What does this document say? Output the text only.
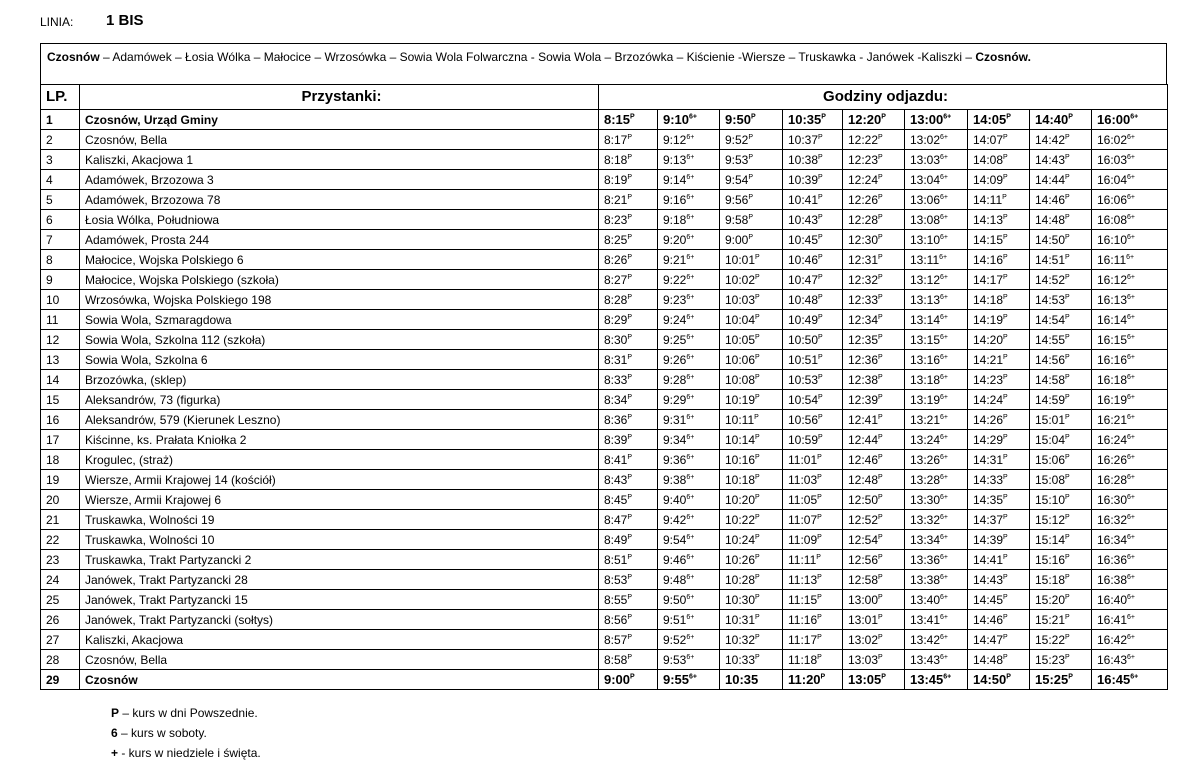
LINIA: 1 BIS
Czosnów – Adamówek – Łosia Wólka – Małocice – Wrzosówka – Sowia Wola Folwarczna - Sowia Wola – Brzozówka – Kiścienie -Wiersze – Truskawka - Janówek -Kaliszki – Czosnów.
LP.	Przystanki:	Godziny odjazdu:								
1	Czosnów, Urząd Gminy	$8:15^P$	$9:10^{6+}$	$9:50^P$	$10:35^P$	$12:20^P$	$13:00^{6+}$	$14:05^P$	$14:40^P$	$16:00^{6+}$
2	Czosnów, Bella	$8:17^P$	$9:12^{6+}$	$9:52^P$	$10:37^P$	$12:22^P$	$13:02^{6+}$	$14:07^P$	$14:42^P$	$16:02^{6+}$
3	Kaliszki, Akacjowa 1	$8:18^P$	$9:13^{6+}$	$9:53^P$	$10:38^P$	$12:23^P$	$13:03^{6+}$	$14:08^P$	$14:43^P$	$16:03^{6+}$
4	Adamówek, Brzozowa 3	$8:19^P$	$9:14^{6+}$	$9:54^P$	$10:39^P$	$12:24^P$	$13:04^{6+}$	$14:09^P$	$14:44^P$	$16:04^{6+}$
5	Adamówek, Brzozowa 78	$8:21^P$	$9:16^{6+}$	$9:56^P$	$10:41^P$	$12:26^P$	$13:06^{6+}$	$14:11^P$	$14:46^P$	$16:06^{6+}$
6	Łosia Wólka, Południowa	$8:23^P$	$9:18^{6+}$	$9:58^P$	$10:43^P$	$12:28^P$	$13:08^{6+}$	$14:13^P$	$14:48^P$	$16:08^{6+}$
7	Adamówek, Prosta 244	$8:25^P$	$9:20^{6+}$	$9:00^P$	$10:45^P$	$12:30^P$	$13:10^{6+}$	$14:15^P$	$14:50^P$	$16:10^{6+}$
8	Małocice, Wojska Polskiego 6	$8:26^P$	$9:21^{6+}$	$10:01^P$	$10:46^P$	$12:31^P$	$13:11^{6+}$	$14:16^P$	$14:51^P$	$16:11^{6+}$
9	Małocice, Wojska Polskiego (szkoła)	$8:27^P$	$9:22^{6+}$	$10:02^P$	$10:47^P$	$12:32^P$	$13:12^{6+}$	$14:17^P$	$14:52^P$	$16:12^{6+}$
10	Wrzosówka, Wojska Polskiego 198	$8:28^P$	$9:23^{6+}$	$10:03^P$	$10:48^P$	$12:33^P$	$13:13^{6+}$	$14:18^P$	$14:53^P$	$16:13^{6+}$
11	Sowia Wola, Szmaragdowa	$8:29^P$	$9:24^{6+}$	$10:04^P$	$10:49^P$	$12:34^P$	$13:14^{6+}$	$14:19^P$	$14:54^P$	$16:14^{6+}$
12	Sowia Wola, Szkolna 112 (szkoła)	$8:30^P$	$9:25^{6+}$	$10:05^P$	$10:50^P$	$12:35^P$	$13:15^{6+}$	$14:20^P$	$14:55^P$	$16:15^{6+}$
13	Sowia Wola, Szkolna 6	$8:31^P$	$9:26^{6+}$	$10:06^P$	$10:51^P$	$12:36^P$	$13:16^{6+}$	$14:21^P$	$14:56^P$	$16:16^{6+}$
14	Brzozówka, (sklep)	$8:33^P$	$9:28^{6+}$	$10:08^P$	$10:53^P$	$12:38^P$	$13:18^{6+}$	$14:23^P$	$14:58^P$	$16:18^{6+}$
15	Aleksandrów, 73 (figurka)	$8:34^P$	$9:29^{6+}$	$10:19^P$	$10:54^P$	$12:39^P$	$13:19^{6+}$	$14:24^P$	$14:59^P$	$16:19^{6+}$
16	Aleksandrów, 579 (Kierunek Leszno)	$8:36^P$	$9:31^{6+}$	$10:11^P$	$10:56^P$	$12:41^P$	$13:21^{6+}$	$14:26^P$	$15:01^P$	$16:21^{6+}$
17	Kiścinne, ks. Prałata Kniołka 2	$8:39^P$	$9:34^{6+}$	$10:14^P$	$10:59^P$	$12:44^P$	$13:24^{6+}$	$14:29^P$	$15:04^P$	$16:24^{6+}$
18	Krogulec, (straż)	$8:41^P$	$9:36^{6+}$	$10:16^P$	$11:01^P$	$12:46^P$	$13:26^{6+}$	$14:31^P$	$15:06^P$	$16:26^{6+}$
19	Wiersze, Armii Krajowej 14 (kościół)	$8:43^P$	$9:38^{6+}$	$10:18^P$	$11:03^P$	$12:48^P$	$13:28^{6+}$	$14:33^P$	$15:08^P$	$16:28^{6+}$
20	Wiersze, Armii Krajowej 6	$8:45^P$	$9:40^{6+}$	$10:20^P$	$11:05^P$	$12:50^P$	$13:30^{6+}$	$14:35^P$	$15:10^P$	$16:30^{6+}$
21	Truskawka, Wolności 19	$8:47^P$	$9:42^{6+}$	$10:22^P$	$11:07^P$	$12:52^P$	$13:32^{6+}$	$14:37^P$	$15:12^P$	$16:32^{6+}$
22	Truskawka, Wolności 10	$8:49^P$	$9:54^{6+}$	$10:24^P$	$11:09^P$	$12:54^P$	$13:34^{6+}$	$14:39^P$	$15:14^P$	$16:34^{6+}$
23	Truskawka, Trakt Partyzancki 2	$8:51^P$	$9:46^{6+}$	$10:26^P$	$11:11^P$	$12:56^P$	$13:36^{6+}$	$14:41^P$	$15:16^P$	$16:36^{6+}$
24	Janówek, Trakt Partyzancki 28	$8:53^P$	$9:48^{6+}$	$10:28^P$	$11:13^P$	$12:58^P$	$13:38^{6+}$	$14:43^P$	$15:18^P$	$16:38^{6+}$
25	Janówek, Trakt Partyzancki 15	$8:55^P$	$9:50^{6+}$	$10:30^P$	$11:15^P$	$13:00^P$	$13:40^{6+}$	$14:45^P$	$15:20^P$	$16:40^{6+}$
26	Janówek, Trakt Partyzancki (sołtys)	$8:56^P$	$9:51^{6+}$	$10:31^P$	$11:16^P$	$13:01^P$	$13:41^{6+}$	$14:46^P$	$15:21^P$	$16:41^{6+}$
27	Kaliszki, Akacjowa	$8:57^P$	$9:52^{6+}$	$10:32^P$	$11:17^P$	$13:02^P$	$13:42^{6+}$	$14:47^P$	$15:22^P$	$16:42^{6+}$
28	Czosnów, Bella	$8:58^P$	$9:53^{6+}$	$10:33^P$	$11:18^P$	$13:03^P$	$13:43^{6+}$	$14:48^P$	$15:23^P$	$16:43^{6+}$
29	Czosnów	$9:00^P$	$9:55^{6+}$	10:35	$11:20^P$	$13:05^P$	$13:45^{6+}$	$14:50^P$	$15:25^P$	$16:45^{6+}$
P – kurs w dni Powszednie.
6 – kurs w soboty.
+ - kurs w niedziele i święta.
